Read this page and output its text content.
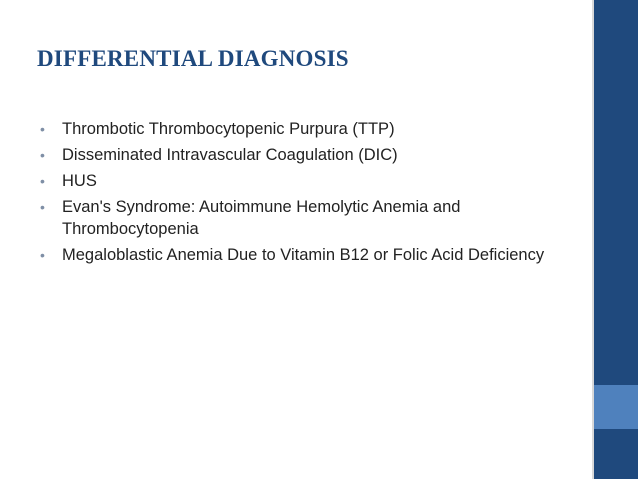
DIFFERENTIAL DIAGNOSIS
•	Thrombotic Thrombocytopenic Purpura (TTP)
•	Disseminated Intravascular Coagulation (DIC)
•	HUS
•	Evan's Syndrome: Autoimmune Hemolytic Anemia and Thrombocytopenia
•	Megaloblastic Anemia Due to Vitamin B12 or Folic Acid Deficiency
